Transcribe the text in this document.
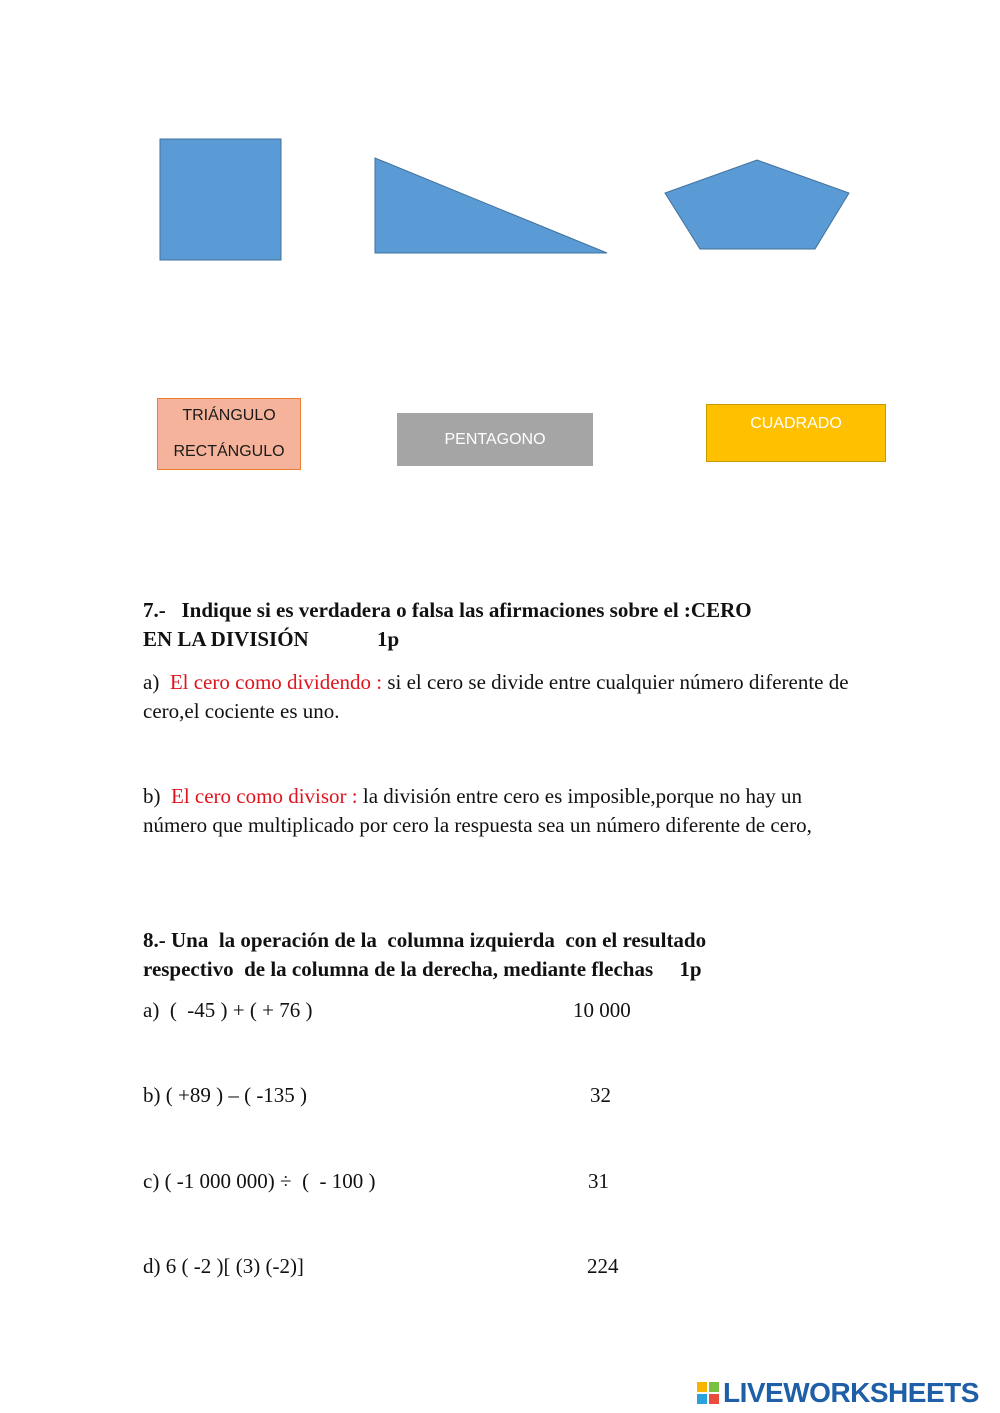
TRIÁNGULO
RECTÁNGULO
PENTAGONO
CUADRADO
7.-   Indique si es verdadera o falsa las afirmaciones sobre el :CERO
EN LA DIVISIÓN             1p
a)  El cero como dividendo : si el cero se divide entre cualquier número diferente de cero,el cociente es uno.
b)  El cero como divisor : la división entre cero es imposible,porque no hay un número que multiplicado por cero la respuesta sea un número diferente de cero,
8.- Una  la operación de la  columna izquierda  con el resultado
respectivo  de la columna de la derecha, mediante flechas     1p
a)  (  -45 ) + ( + 76 )	10 000
b) ( +89 ) – ( -135 )	32
c) ( -1 000 000) ÷  (  - 100 )	31
d) 6 ( -2 )[ (3) (-2)]	224
LIVEWORKSHEETS
